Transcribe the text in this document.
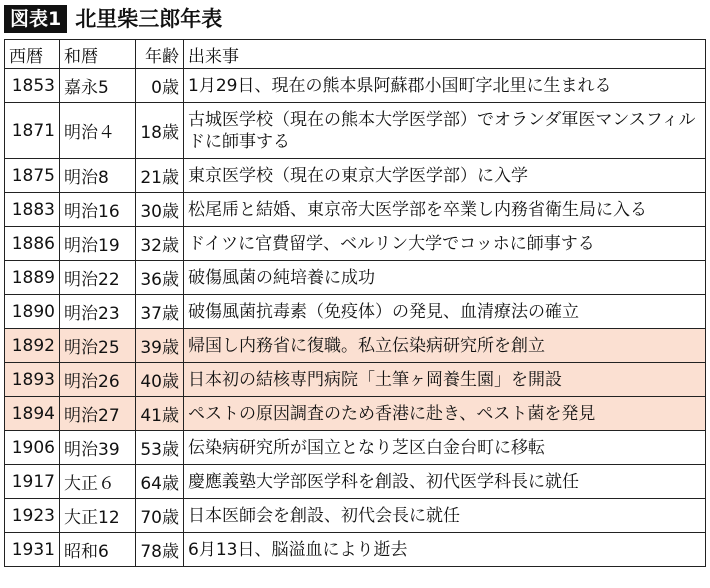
図表1 北里柴三郎年表
西暦	和暦	年齢	出来事
1853	嘉永5	0歳	1月29日、現在の熊本県阿蘇郡小国町字北里に生まれる
1871	明治４	18歳	古城医学校（現在の熊本大学医学部）でオランダ軍医マンスフィルドに師事する
1875	明治8	21歳	東京医学校（現在の東京大学医学部）に入学
1883	明治16	30歳	松尾乕と結婚、東京帝大医学部を卒業し内務省衛生局に入る
1886	明治19	32歳	ドイツに官費留学、ベルリン大学でコッホに師事する
1889	明治22	36歳	破傷風菌の純培養に成功
1890	明治23	37歳	破傷風菌抗毒素（免疫体）の発見、血清療法の確立
1892	明治25	39歳	帰国し内務省に復職。私立伝染病研究所を創立
1893	明治26	40歳	日本初の結核専門病院「土筆ヶ岡養生園」を開設
1894	明治27	41歳	ペストの原因調査のため香港に赴き、ペスト菌を発見
1906	明治39	53歳	伝染病研究所が国立となり芝区白金台町に移転
1917	大正６	64歳	慶應義塾大学部医学科を創設、初代医学科長に就任
1923	大正12	70歳	日本医師会を創設、初代会長に就任
1931	昭和6	78歳	6月13日、脳溢血により逝去
